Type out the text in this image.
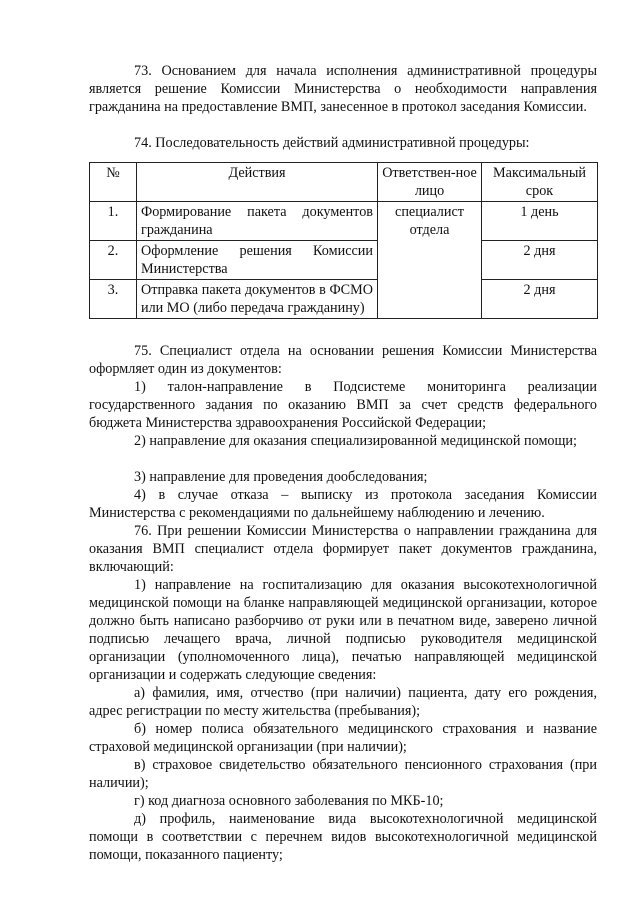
73. Основанием для начала исполнения административной процедуры является решение Комиссии Министерства о необходимости направления гражданина на предоставление ВМП, занесенное в протокол заседания Комиссии.

74. Последовательность действий административной процедуры:

№	Действия	Ответствен-ное лицо	Максимальный срок
1.	Формирование пакета документов гражданина	специалист отдела	1 день
2.	Оформление решения Комиссии Министерства		2 дня
3.	Отправка пакета документов в ФСМО или МО (либо передача гражданину)		2 дня

75. Специалист отдела на основании решения Комиссии Министерства оформляет один из документов:

1) талон-направление в Подсистеме мониторинга реализации государственного задания по оказанию ВМП за счет средств федерального бюджета Министерства здравоохранения Российской Федерации;

2) направление для оказания специализированной медицинской помощи;

3) направление для проведения дообследования;

4) в случае отказа – выписку из протокола заседания Комиссии Министерства с рекомендациями по дальнейшему наблюдению и лечению.

76. При решении Комиссии Министерства о направлении гражданина для оказания ВМП специалист отдела формирует пакет документов гражданина, включающий:

1) направление на госпитализацию для оказания высокотехнологичной медицинской помощи на бланке направляющей медицинской организации, которое должно быть написано разборчиво от руки или в печатном виде, заверено личной подписью лечащего врача, личной подписью руководителя медицинской организации (уполномоченного лица), печатью направляющей медицинской организации и содержать следующие сведения:

а) фамилия, имя, отчество (при наличии) пациента, дату его рождения, адрес регистрации по месту жительства (пребывания);

б) номер полиса обязательного медицинского страхования и название страховой медицинской организации (при наличии);

в) страховое свидетельство обязательного пенсионного страхования (при наличии);

г) код диагноза основного заболевания по МКБ-10;

д) профиль, наименование вида высокотехнологичной медицинской помощи в соответствии с перечнем видов высокотехнологичной медицинской помощи, показанного пациенту;
